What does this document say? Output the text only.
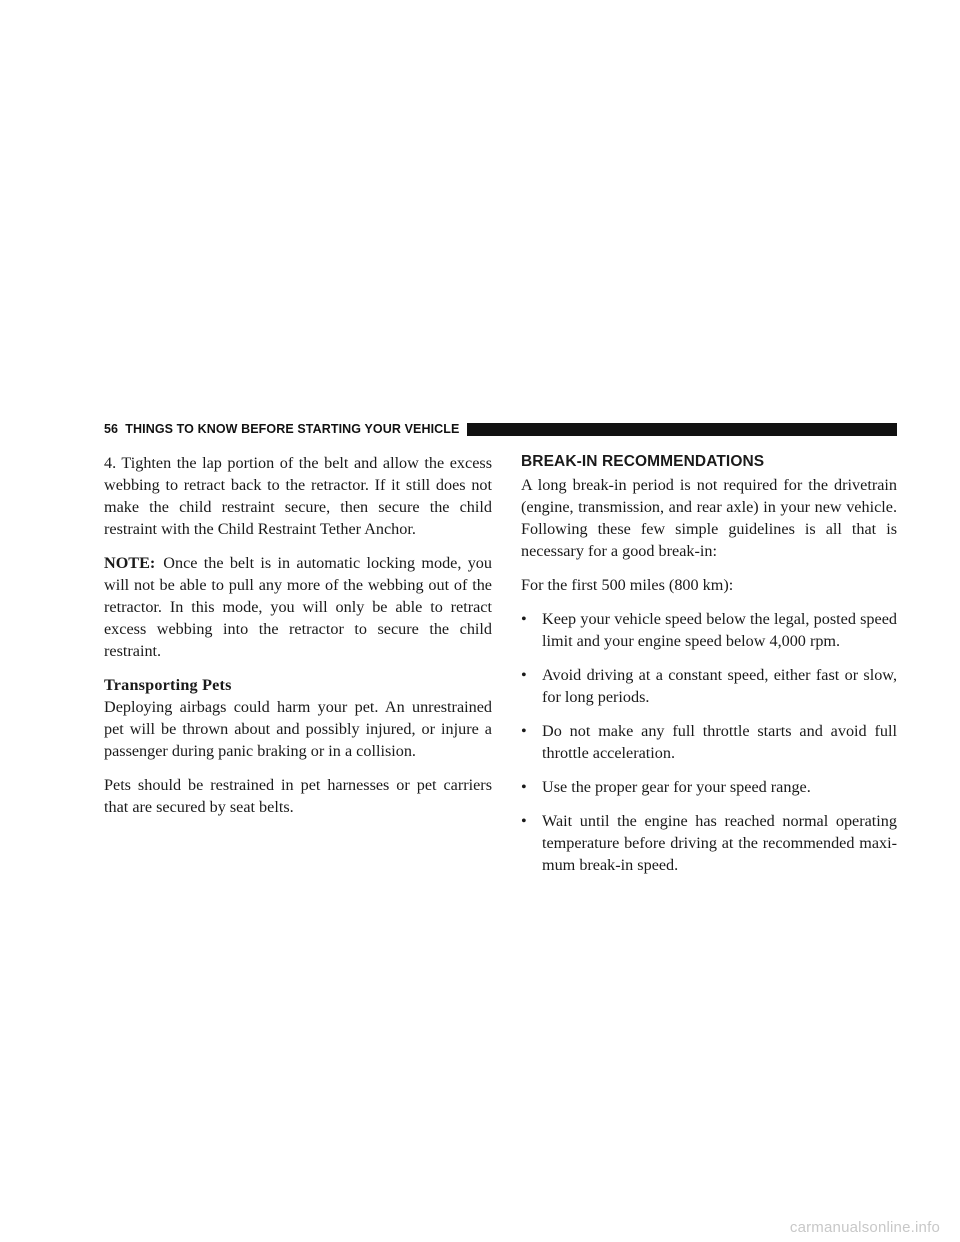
56 THINGS TO KNOW BEFORE STARTING YOUR VEHICLE

4. Tighten the lap portion of the belt and allow the excess webbing to retract back to the retractor. If it still does not make the child restraint secure, then secure the child restraint with the Child Restraint Tether Anchor.

NOTE: Once the belt is in automatic locking mode, you will not be able to pull any more of the webbing out of the retractor. In this mode, you will only be able to retract excess webbing into the retractor to secure the child restraint.

Transporting Pets

Deploying airbags could harm your pet. An unrestrained pet will be thrown about and possibly injured, or injure a passenger during panic braking or in a collision.

Pets should be restrained in pet harnesses or pet carriers that are secured by seat belts.

BREAK-IN RECOMMENDATIONS

A long break-in period is not required for the drivetrain (engine, transmission, and rear axle) in your new vehicle. Following these few simple guidelines is all that is necessary for a good break-in:

For the first 500 miles (800 km):

• Keep your vehicle speed below the legal, posted speed limit and your engine speed below 4,000 rpm.
• Avoid driving at a constant speed, either fast or slow, for long periods.
• Do not make any full throttle starts and avoid full throttle acceleration.
• Use the proper gear for your speed range.
• Wait until the engine has reached normal operating temperature before driving at the recommended maxi-mum break-in speed.
carmanualsonline.info
